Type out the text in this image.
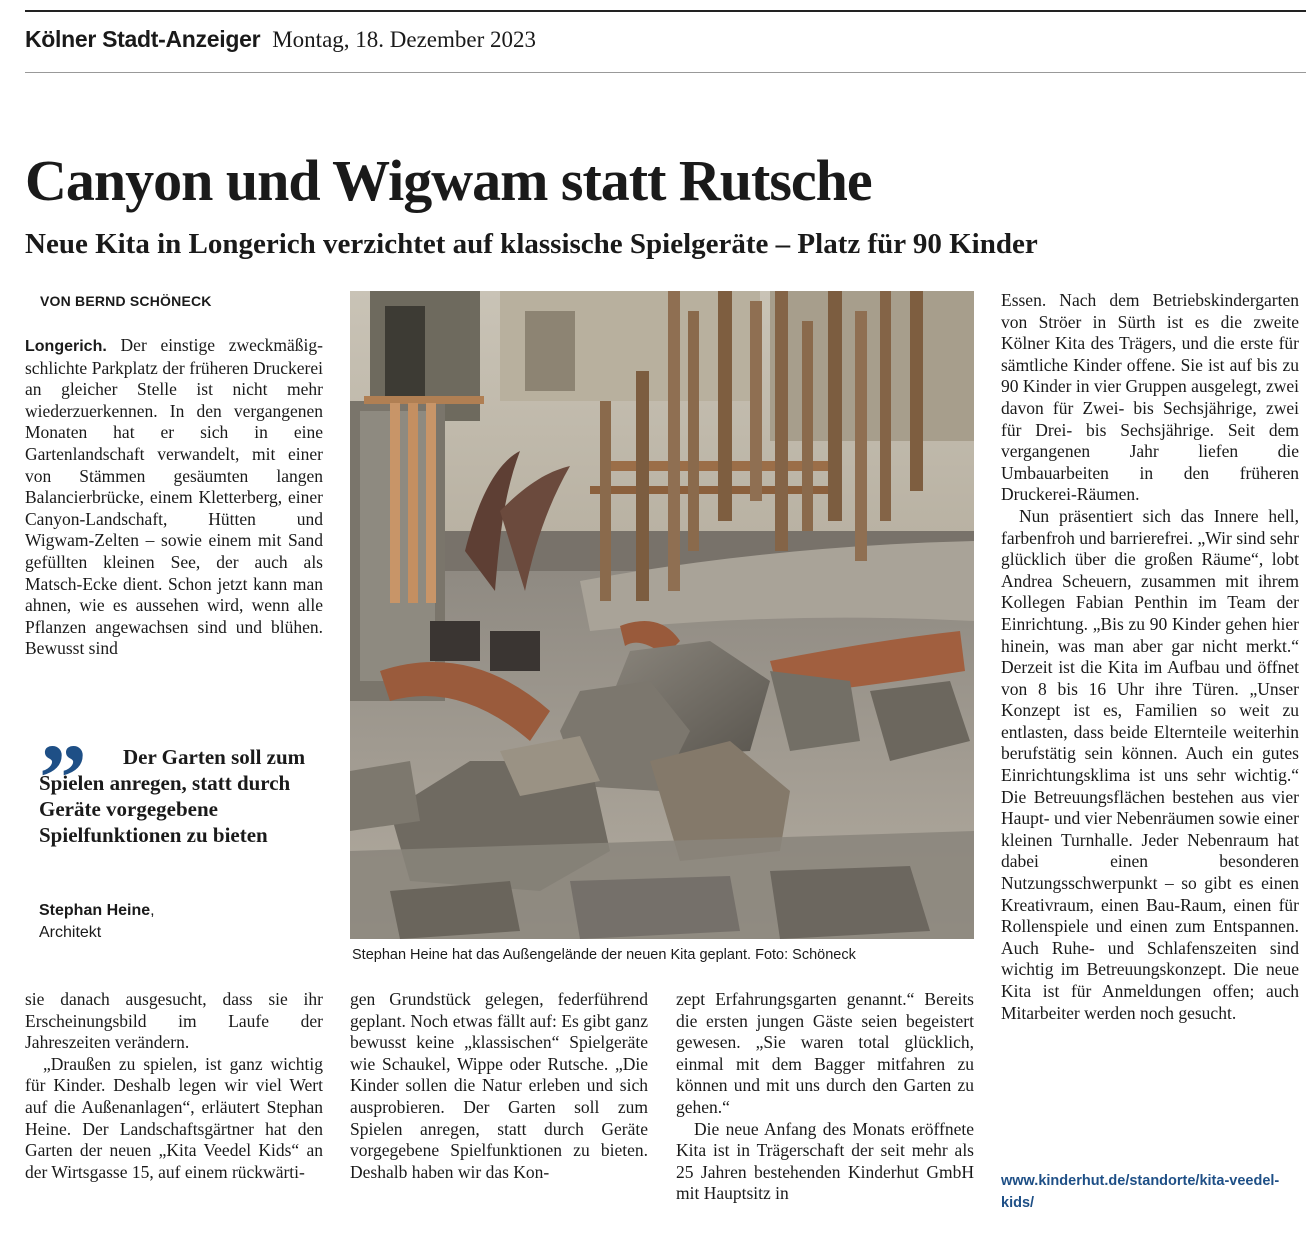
Kölner Stadt-Anzeiger Montag, 18. Dezember 2023
Canyon und Wigwam statt Rutsche
Neue Kita in Longerich verzichtet auf klassische Spielgeräte – Platz für 90 Kinder
VON BERND SCHÖNECK

Longerich. Der einstige zweckmäßig-schlichte Parkplatz der früheren Druckerei an gleicher Stelle ist nicht mehr wiederzuerkennen. In den vergangenen Monaten hat er sich in eine Gartenlandschaft verwandelt, mit einer von Stämmen gesäumten langen Balancierbrücke, einem Kletterberg, einer Canyon-Landschaft, Hütten und Wigwam-Zelten – sowie einem mit Sand gefüllten kleinen See, der auch als Matsch-Ecke dient. Schon jetzt kann man ahnen, wie es aussehen wird, wenn alle Pflanzen angewachsen sind und blühen. Bewusst sind

”	Der Garten soll zum Spielen anregen, statt durch Geräte vorgegebene Spielfunktionen zu bieten
Stephan Heine,
Architekt
Stephan Heine hat das Außengelände der neuen Kita geplant. Foto: Schöneck

sie danach ausgesucht, dass sie ihr Erscheinungsbild im Laufe der Jahreszeiten verändern.

„Draußen zu spielen, ist ganz wichtig für Kinder. Deshalb legen wir viel Wert auf die Außenanlagen“, erläutert Stephan Heine. Der Landschaftsgärtner hat den Garten der neuen „Kita Veedel Kids“ an der Wirtsgasse 15, auf einem rückwärti-

gen Grundstück gelegen, federführend geplant. Noch etwas fällt auf: Es gibt ganz bewusst keine „klassischen“ Spielgeräte wie Schaukel, Wippe oder Rutsche. „Die Kinder sollen die Natur erleben und sich ausprobieren. Der Garten soll zum Spielen anregen, statt durch Geräte vorgegebene Spielfunktionen zu bieten. Deshalb haben wir das Kon-

zept Erfahrungsgarten genannt.“ Bereits die ersten jungen Gäste seien begeistert gewesen. „Sie waren total glücklich, einmal mit dem Bagger mitfahren zu können und mit uns durch den Garten zu gehen.“

Die neue Anfang des Monats eröffnete Kita ist in Trägerschaft der seit mehr als 25 Jahren bestehenden Kinderhut GmbH mit Hauptsitz in

Essen. Nach dem Betriebskindergarten von Ströer in Sürth ist es die zweite Kölner Kita des Trägers, und die erste für sämtliche Kinder offene. Sie ist auf bis zu 90 Kinder in vier Gruppen ausgelegt, zwei davon für Zwei- bis Sechsjährige, zwei für Drei- bis Sechsjährige. Seit dem vergangenen Jahr liefen die Umbauarbeiten in den früheren Druckerei-Räumen.

Nun präsentiert sich das Innere hell, farbenfroh und barrierefrei. „Wir sind sehr glücklich über die großen Räume“, lobt Andrea Scheuern, zusammen mit ihrem Kollegen Fabian Penthin im Team der Einrichtung. „Bis zu 90 Kinder gehen hier hinein, was man aber gar nicht merkt.“ Derzeit ist die Kita im Aufbau und öffnet von 8 bis 16 Uhr ihre Türen. „Unser Konzept ist es, Familien so weit zu entlasten, dass beide Elternteile weiterhin berufstätig sein können. Auch ein gutes Einrichtungsklima ist uns sehr wichtig.“ Die Betreuungsflächen bestehen aus vier Haupt- und vier Nebenräumen sowie einer kleinen Turnhalle. Jeder Nebenraum hat dabei einen besonderen Nutzungsschwerpunkt – so gibt es einen Kreativraum, einen Bau-Raum, einen für Rollenspiele und einen zum Entspannen. Auch Ruhe- und Schlafenszeiten sind wichtig im Betreuungskonzept. Die neue Kita ist für Anmeldungen offen; auch Mitarbeiter werden noch gesucht.

www.kinderhut.de/standorte/kita-veedel-kids/
